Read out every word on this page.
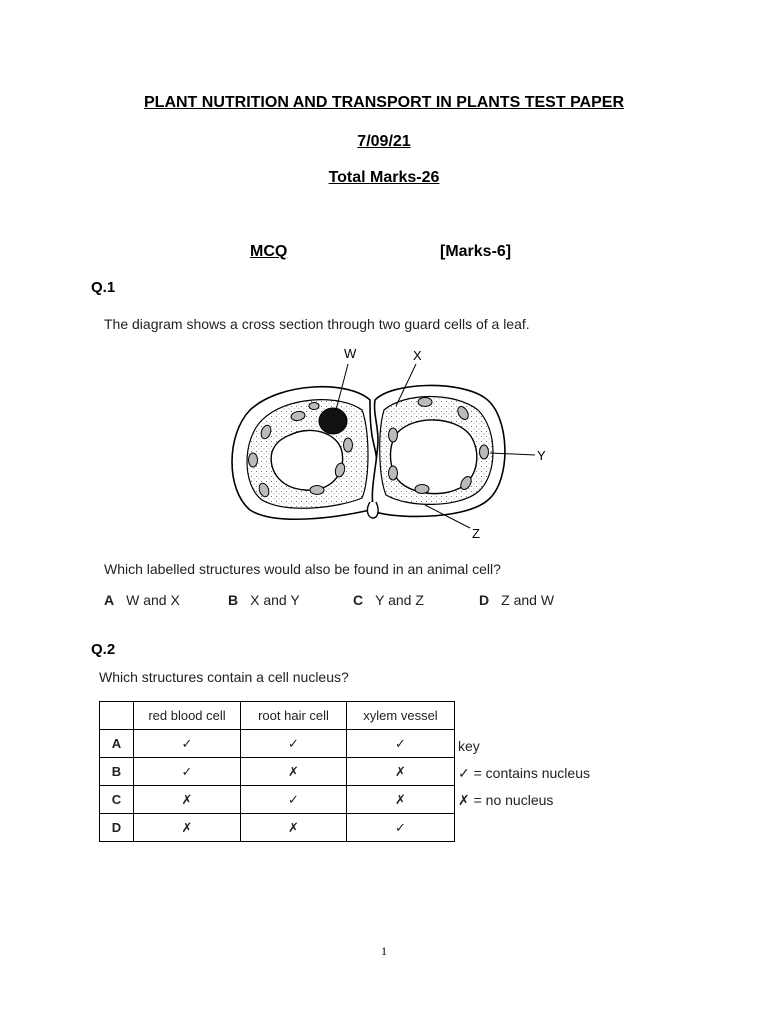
PLANT NUTRITION AND TRANSPORT IN PLANTS TEST PAPER
7/09/21
Total Marks-26
MCQ	[Marks-6]
Q.1
The diagram shows a cross section through two guard cells of a leaf.
W	X
Y
Z
Which labelled structures would also be found in an animal cell?
A W and X	B X and Y	C Y and Z	D Z and W
Q.2
Which structures contain a cell nucleus?
	red blood cell	root hair cell	xylem vessel
A	✓	✓	✓
B	✓	✗	✗
C	✗	✓	✗
D	✗	✗	✓
key
✓ = contains nucleus
✗ = no nucleus
1
